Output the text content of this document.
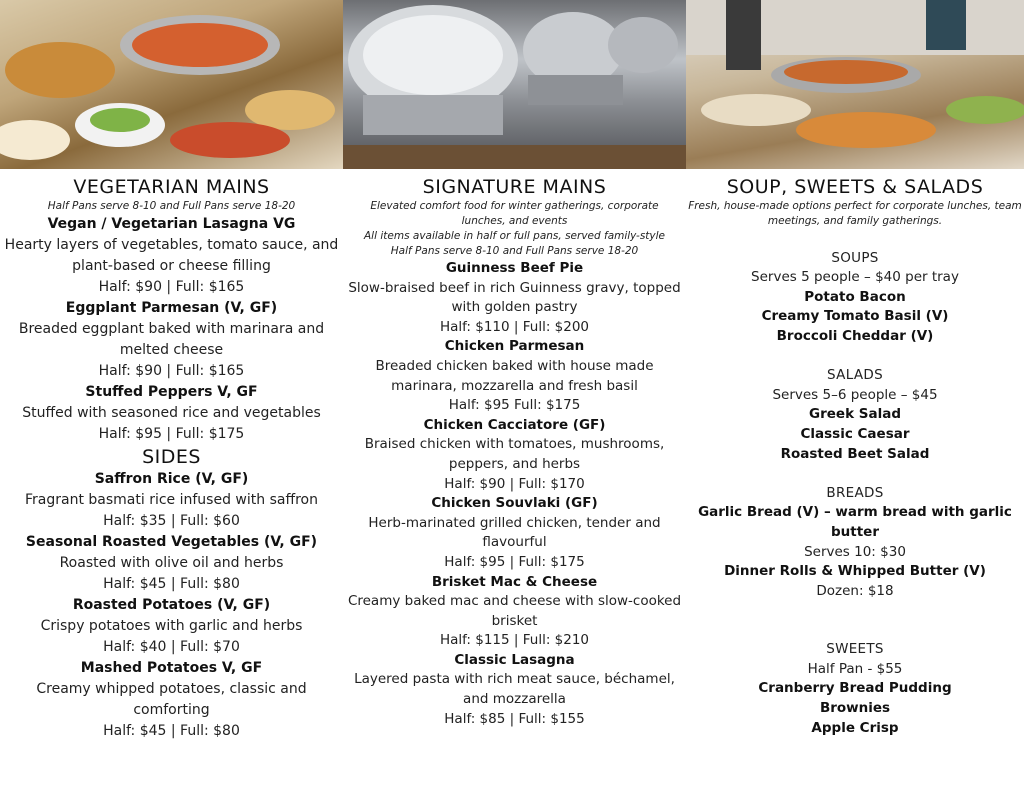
VEGETARIAN MAINS
Half Pans serve 8-10 and Full Pans serve 18-20
Vegan / Vegetarian Lasagna VG
Hearty layers of vegetables, tomato sauce, and plant-based or cheese filling
Half: $90 | Full: $165
Eggplant Parmesan (V, GF)
Breaded eggplant baked with marinara and melted cheese
Half: $90 | Full: $165
Stuffed Peppers V, GF
Stuffed with seasoned rice and vegetables
Half: $95 | Full: $175
SIDES
Saffron Rice (V, GF)
Fragrant basmati rice infused with saffron
Half: $35 | Full: $60
Seasonal Roasted Vegetables (V, GF)
Roasted with olive oil and herbs
Half: $45 | Full: $80
Roasted Potatoes (V, GF)
Crispy potatoes with garlic and herbs
Half: $40 | Full: $70
Mashed Potatoes V, GF
Creamy whipped potatoes, classic and comforting
Half: $45 | Full: $80
SIGNATURE MAINS
Elevated comfort food for winter gatherings, corporate lunches, and events
All items available in half or full pans, served family-style
Half Pans serve 8-10 and Full Pans serve 18-20
Guinness Beef Pie
Slow-braised beef in rich Guinness gravy, topped with golden pastry
Half: $110 | Full: $200
Chicken Parmesan
Breaded chicken baked with house made marinara, mozzarella and fresh basil
Half: $95 Full: $175
Chicken Cacciatore (GF)
Braised chicken with tomatoes, mushrooms, peppers, and herbs
Half: $90 | Full: $170
Chicken Souvlaki (GF)
Herb-marinated grilled chicken, tender and flavourful
Half: $95 | Full: $175
Brisket Mac & Cheese
Creamy baked mac and cheese with slow-cooked brisket
Half: $115 | Full: $210
Classic Lasagna
Layered pasta with rich meat sauce, béchamel, and mozzarella
Half: $85 | Full: $155
SOUP, SWEETS & SALADS
Fresh, house-made options perfect for corporate lunches, team meetings, and family gatherings.
SOUPS
Serves 5 people – $40 per tray
Potato Bacon
Creamy Tomato Basil (V)
Broccoli Cheddar (V)
SALADS
Serves 5–6 people – $45
Greek Salad
Classic Caesar
Roasted Beet Salad
BREADS
Garlic Bread (V) – warm bread with garlic butter
Serves 10: $30
Dinner Rolls & Whipped Butter (V)
Dozen: $18
SWEETS
Half Pan - $55
Cranberry Bread Pudding
Brownies
Apple Crisp
